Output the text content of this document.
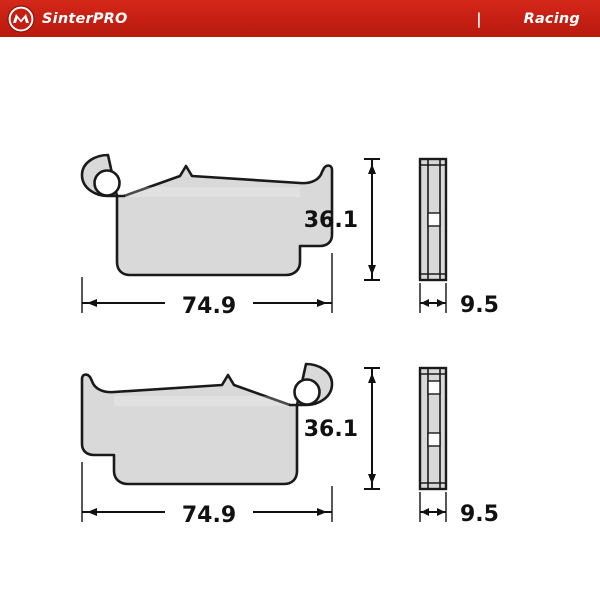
SinterPRO	|	Racing
36.1
74.9	9.5
36.1
74.9	9.5
